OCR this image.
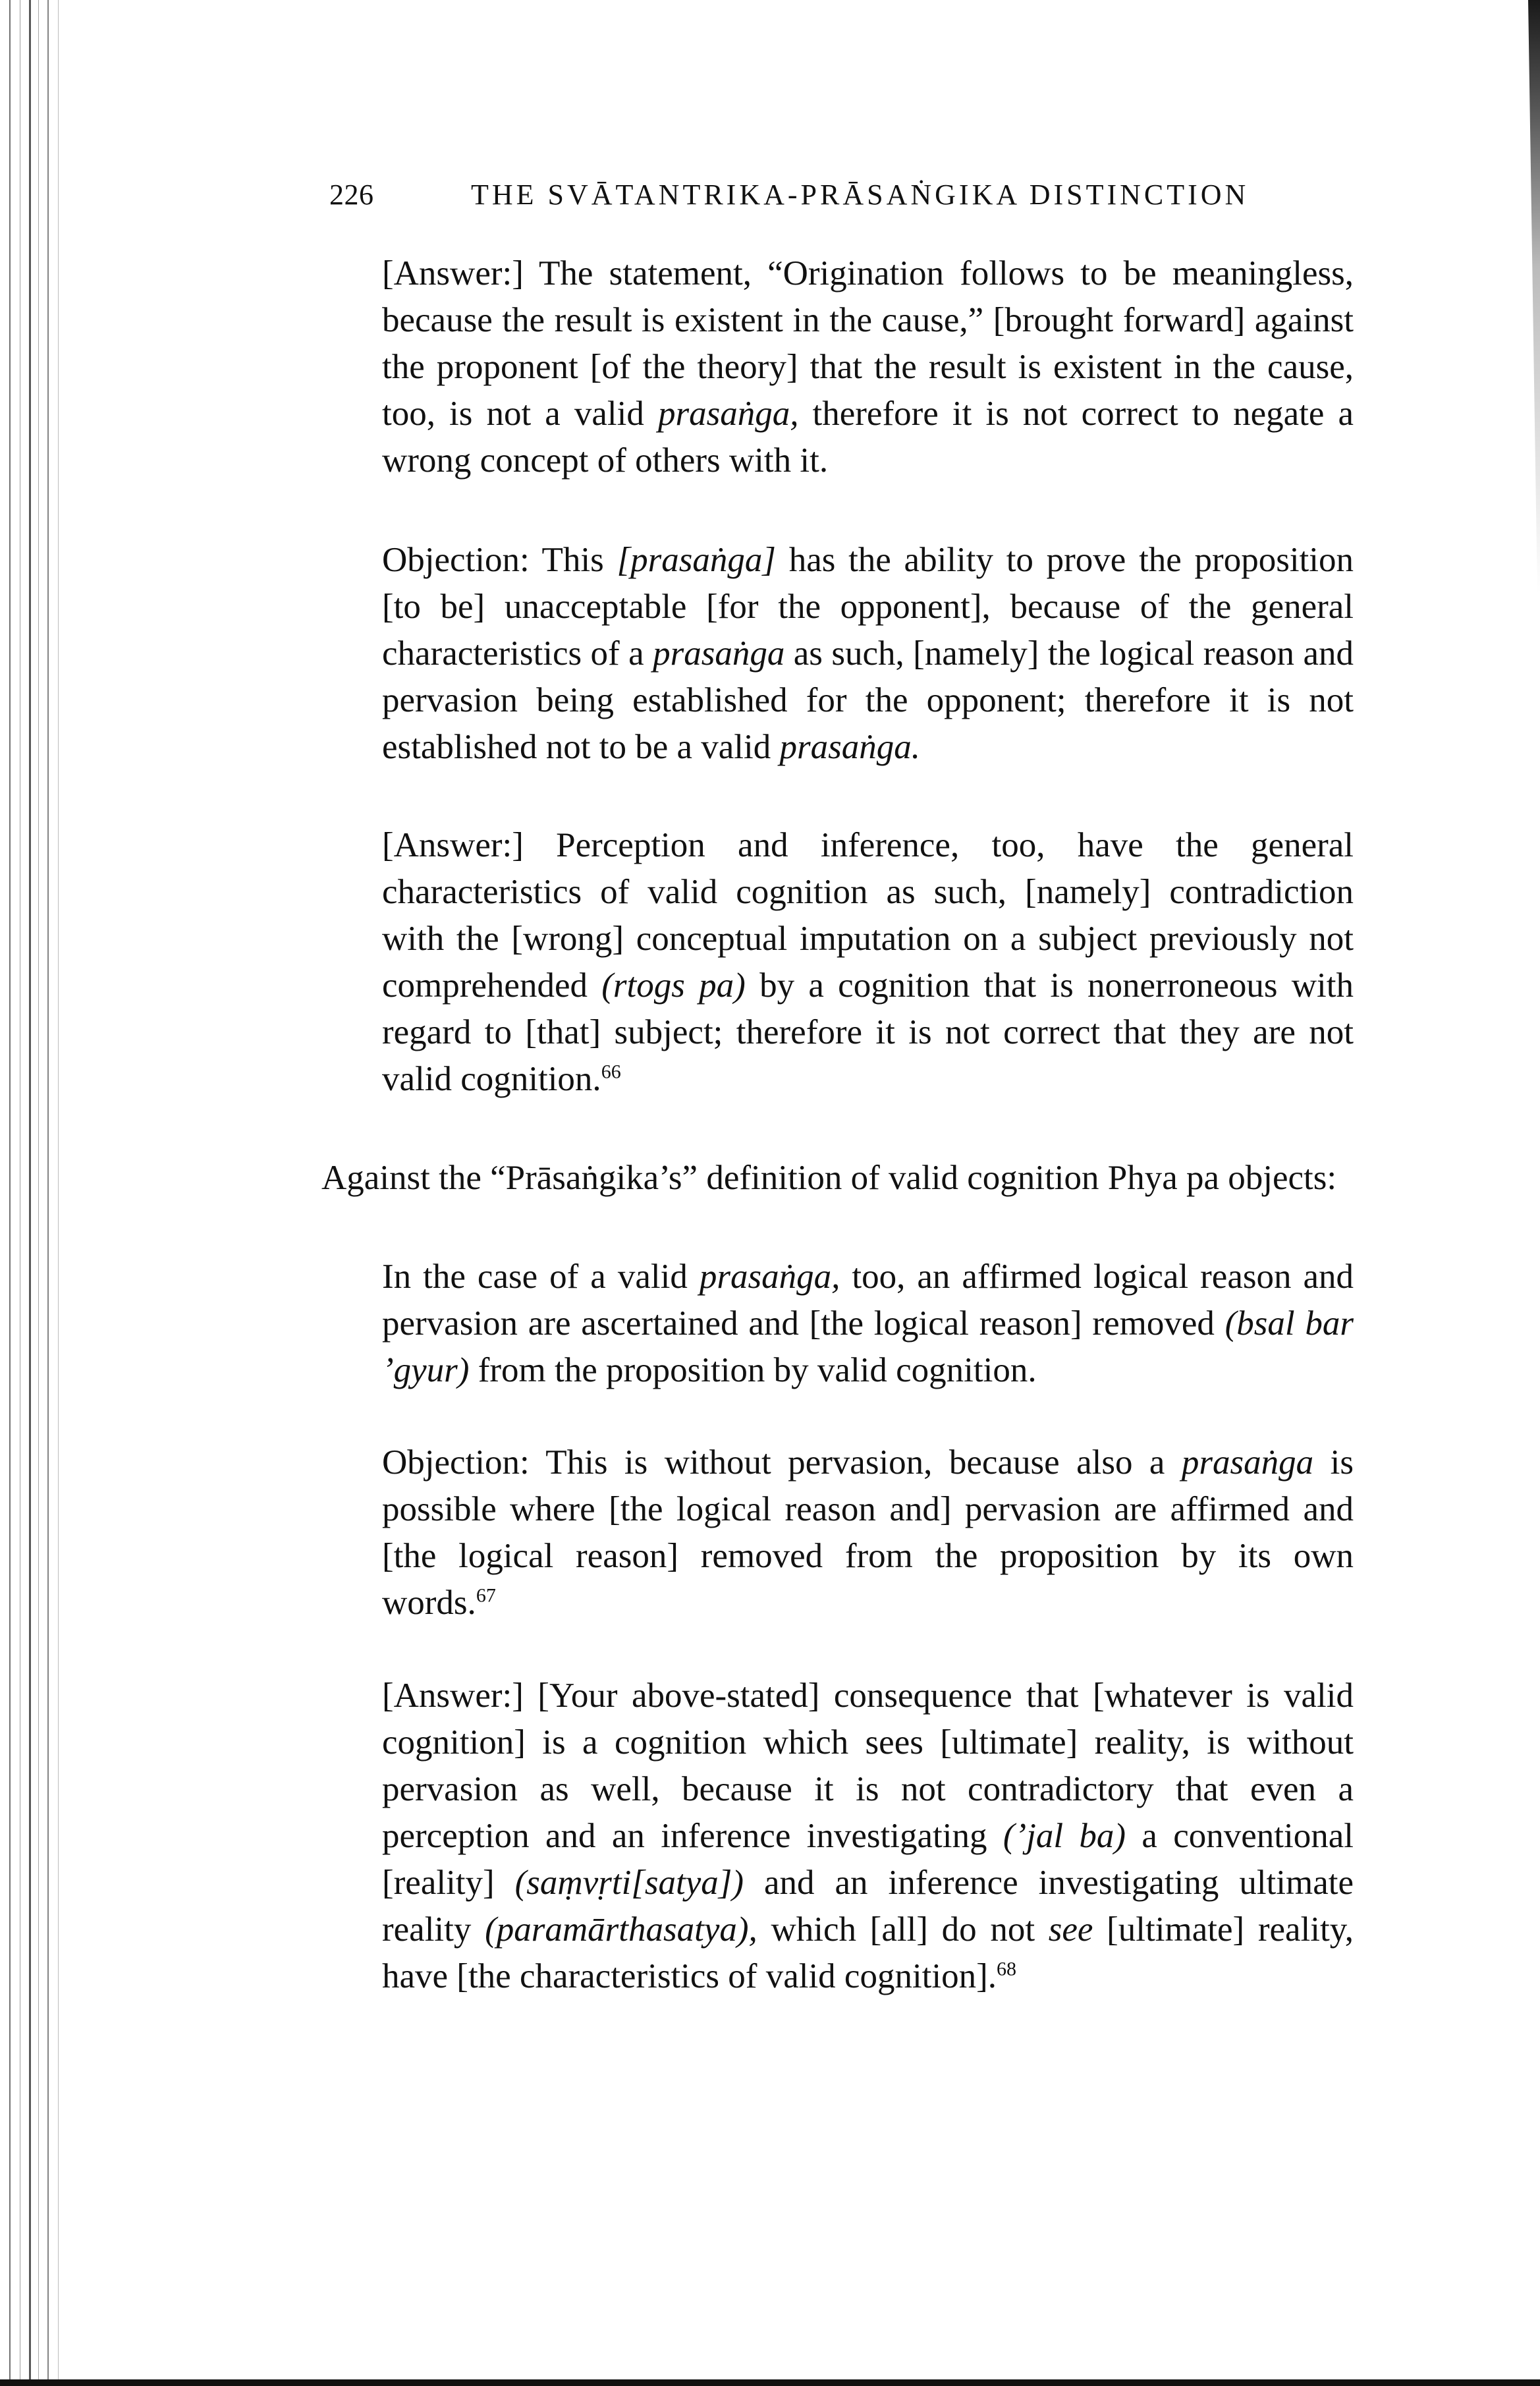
226	THE SVĀTANTRIKA-PRĀSAṄGIKA DISTINCTION

[Answer:] The statement, “Origination follows to be meaningless, because the result is existent in the cause,” [brought forward] against the proponent [of the theory] that the result is existent in the cause, too, is not a valid prasaṅga, therefore it is not correct to negate a wrong concept of others with it.

Objection: This [prasaṅga] has the ability to prove the proposition [to be] unacceptable [for the opponent], because of the general characteristics of a prasaṅga as such, [namely] the logical reason and pervasion being established for the opponent; therefore it is not established not to be a valid prasaṅga.

[Answer:] Perception and inference, too, have the general characteristics of valid cognition as such, [namely] contradiction with the [wrong] conceptual imputation on a subject previously not comprehended (rtogs pa) by a cognition that is nonerroneous with regard to [that] subject; therefore it is not correct that they are not valid cognition.$^{66}$

Against the “Prāsaṅgika’s” definition of valid cognition Phya pa objects:

In the case of a valid prasaṅga, too, an affirmed logical reason and pervasion are ascertained and [the logical reason] removed (bsal bar ’gyur) from the proposition by valid cognition.

Objection: This is without pervasion, because also a prasaṅga is possible where [the logical reason and] pervasion are affirmed and [the logical reason] removed from the proposition by its own words.$^{67}$

[Answer:] [Your above-stated] consequence that [whatever is valid cognition] is a cognition which sees [ultimate] reality, is without pervasion as well, because it is not contradictory that even a perception and an inference investigating (’jal ba) a conventional [reality] (saṃvṛti[satya]) and an inference investigating ultimate reality (paramārthasatya), which [all] do not see [ultimate] reality, have [the characteristics of valid cognition].$^{68}$
